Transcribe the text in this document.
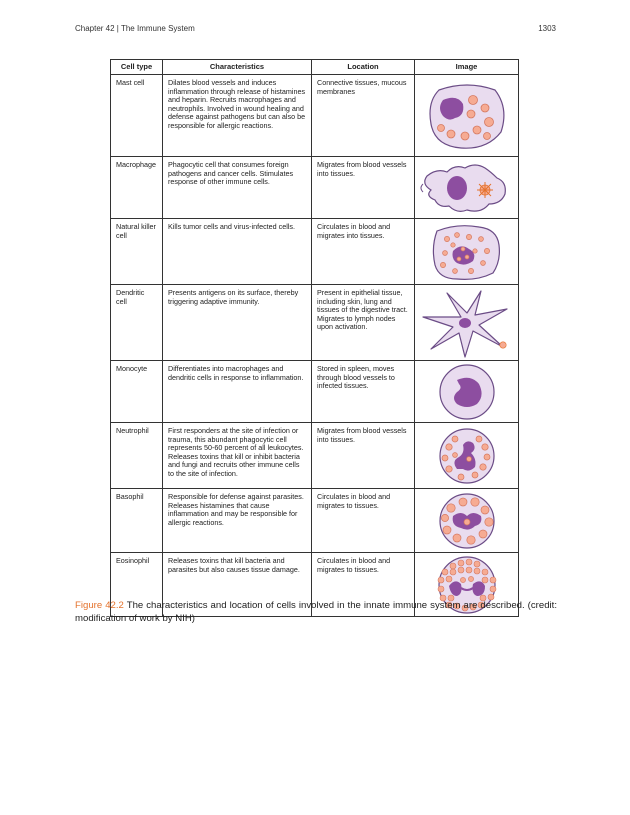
Chapter 42 | The Immune System	1303
Cell type	Characteristics	Location	Image
Mast cell	Dilates blood vessels and induces inflammation through release of histamines and heparin. Recruits macrophages and neutrophils. Involved in wound healing and defense against pathogens but can also be responsible for allergic reactions.	Connective tissues, mucous membranes	

Macrophage	Phagocytic cell that consumes foreign pathogens and cancer cells. Stimulates response of other immune cells.	Migrates from blood vessels into tissues.	

Natural killer cell	Kills tumor cells and virus-infected cells.	Circulates in blood and migrates into tissues.	

Dendritic cell	Presents antigens on its surface, thereby triggering adaptive immunity.	Present in epithelial tissue, including skin, lung and tissues of the digestive tract. Migrates to lymph nodes upon activation.	

Monocyte	Differentiates into macrophages and dendritic cells in response to inflammation.	Stored in spleen, moves through blood vessels to infected tissues.	

Neutrophil	First responders at the site of infection or trauma, this abundant phagocytic cell represents 50-60 percent of all leukocytes. Releases toxins that kill or inhibit bacteria and fungi and recruits other immune cells to the site of infection.	Migrates from blood vessels into tissues.	

Basophil	Responsible for defense against parasites. Releases histamines that cause inflammation and may be responsible for allergic reactions.	Circulates in blood and migrates to tissues.	

Eosinophil	Releases toxins that kill bacteria and parasites but also causes tissue damage.	Circulates in blood and migrates to tissues.	
Figure 42.2 The characteristics and location of cells involved in the innate immune system are described. (credit: modification of work by NIH)
